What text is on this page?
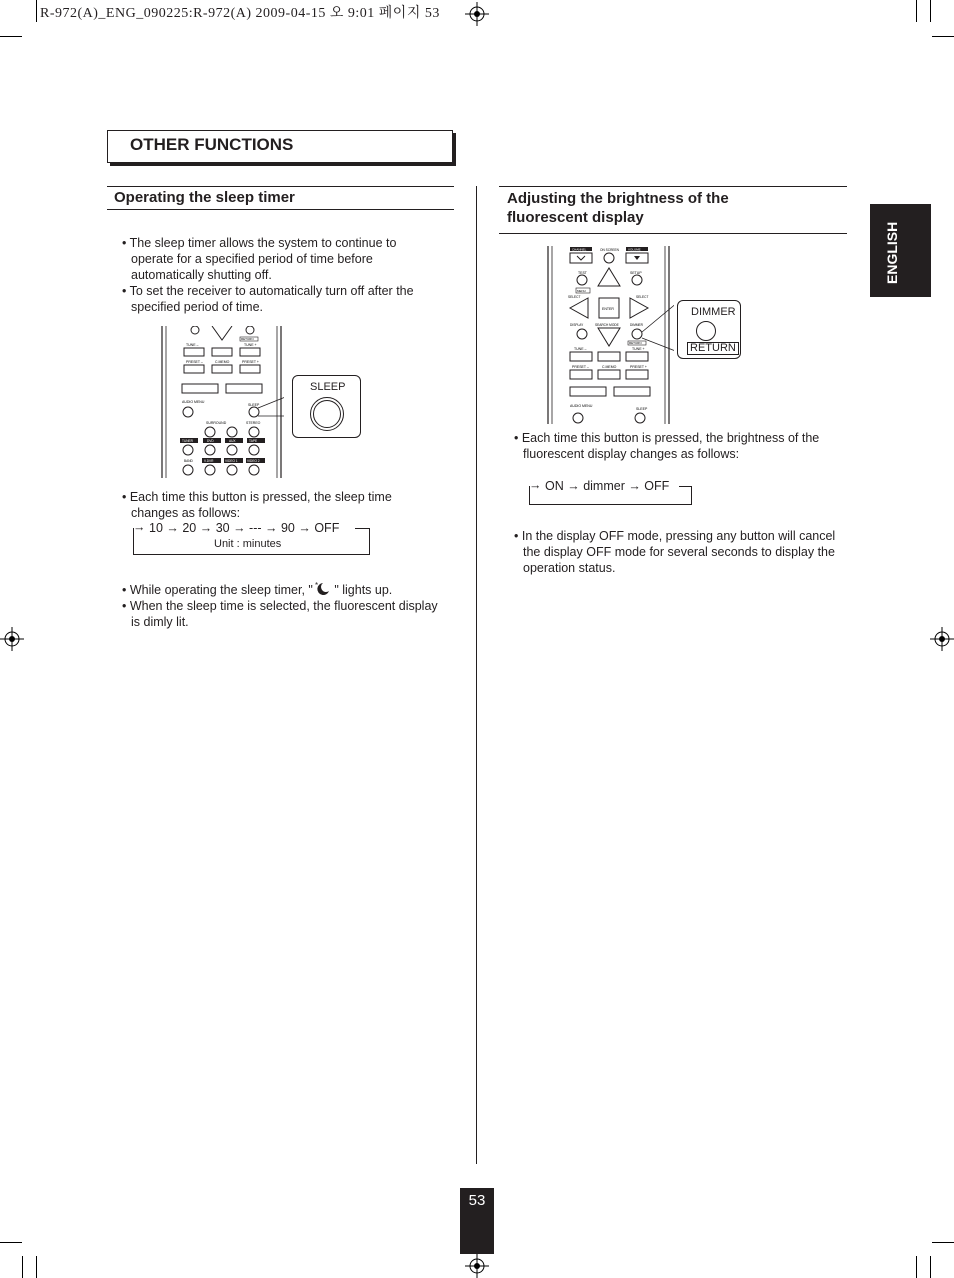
R-972(A)_ENG_090225:R-972(A) 2009-04-15 오 9:01 페이지 53
OTHER FUNCTIONS
Operating the sleep timer

• The sleep timer allows the system to continue to operate for a specified period of time before automatically shutting off.

• To set the receiver to automatically turn off after the specified period of time.

TUNE –
RETURN
TUNE +
PRESET –	C.MEMO	PRESET +
AUDIO MENU
SLEEP
SURROUND	STEREO
TUNER	DVD	AUX	TAPE
BAND	V.DVR	VIDEO 1	VIDEO 2
SLEEP

• Each time this button is pressed, the sleep time changes as follows:

→ 10 → 20 → 30 → --- → 90 → OFF
Unit : minutes

• While operating the sleep timer, " * " lights up.

• When the sleep time is selected, the fluorescent display is dimly lit.

Adjusting the brightness of the
fluorescent display
CHANNEL	ON SCREEN	VOLUME
TEST	SETUP
MENU
SELECT	SELECT
ENTER
DISPLAY	SEARCH MODE	DIMMER
RETURN
TUNE –	TUNE +
PRESET –	C.MEMO	PRESET +
AUDIO MENU
SLEEP
DIMMER
RETURN

• Each time this button is pressed, the brightness of the fluorescent display changes as follows:

→ ON → dimmer → OFF

• In the display OFF mode, pressing any button will cancel the display OFF mode for several seconds to display the operation status.

ENGLISH
53
